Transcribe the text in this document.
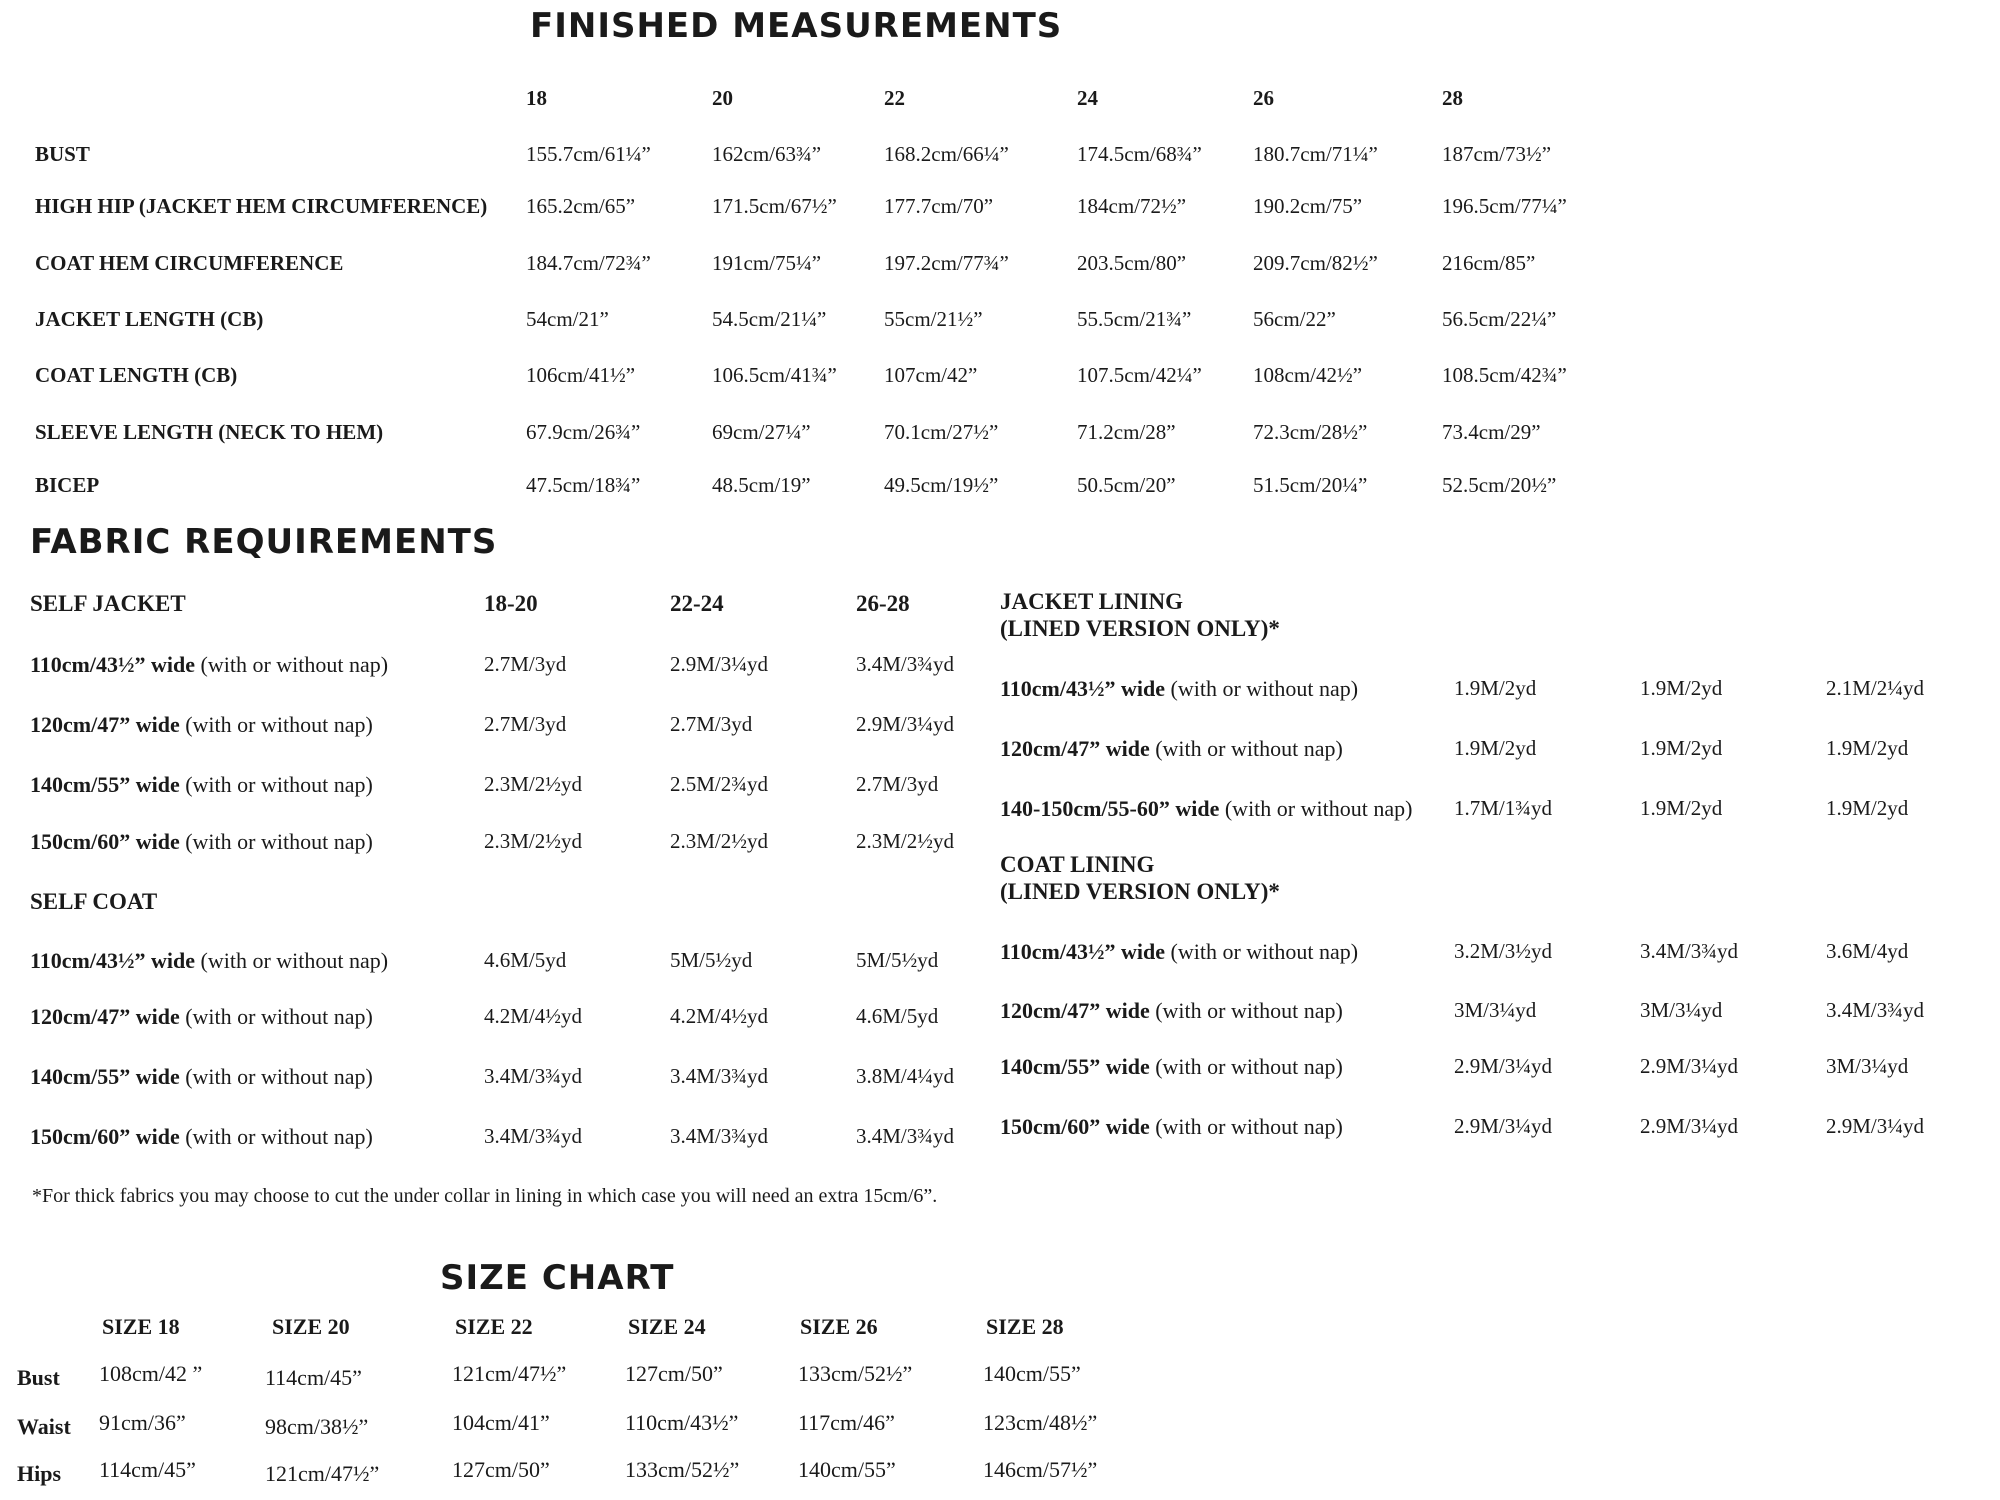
FINISHED MEASUREMENTS
18	20	22	24	26	28
BUST	155.7cm/61¼”	162cm/63¾”	168.2cm/66¼”	174.5cm/68¾” 180.7cm/71¼”	187cm/73½”
HIGH HIP (JACKET HEM CIRCUMFERENCE) 165.2cm/65”	171.5cm/67½” 177.7cm/70”	184cm/72½”	190.2cm/75”	196.5cm/77¼”
COAT HEM CIRCUMFERENCE	184.7cm/72¾”	191cm/75¼”	197.2cm/77¾”	203.5cm/80”	209.7cm/82½”	216cm/85”
JACKET LENGTH (CB)	54cm/21”	54.5cm/21¼”	55cm/21½”	55.5cm/21¾”	56cm/22”	56.5cm/22¼”
COAT LENGTH (CB)	106cm/41½”	106.5cm/41¾” 107cm/42”	107.5cm/42¼” 108cm/42½”	108.5cm/42¾”
SLEEVE LENGTH (NECK TO HEM)	67.9cm/26¾”	69cm/27¼”	70.1cm/27½”	71.2cm/28”	72.3cm/28½”	73.4cm/29”
BICEP	47.5cm/18¾”	48.5cm/19”	49.5cm/19½”	50.5cm/20”	51.5cm/20¼”	52.5cm/20½”
FABRIC REQUIREMENTS
SELF JACKET	18-20	22-24	26-28
110cm/43½” wide (with or without nap)	2.7M/3yd	2.9M/3¼yd	3.4M/3¾yd
120cm/47” wide (with or without nap)	2.7M/3yd	2.7M/3yd	2.9M/3¼yd
140cm/55” wide (with or without nap)	2.3M/2½yd	2.5M/2¾yd	2.7M/3yd
150cm/60” wide (with or without nap)	2.3M/2½yd	2.3M/2½yd	2.3M/2½yd
SELF COAT
110cm/43½” wide (with or without nap)	4.6M/5yd	5M/5½yd	5M/5½yd
120cm/47” wide (with or without nap)	4.2M/4½yd	4.2M/4½yd	4.6M/5yd
140cm/55” wide (with or without nap)	3.4M/3¾yd	3.4M/3¾yd	3.8M/4¼yd
150cm/60” wide (with or without nap)	3.4M/3¾yd	3.4M/3¾yd	3.4M/3¾yd
JACKET LINING
(LINED VERSION ONLY)*
110cm/43½” wide (with or without nap)	1.9M/2yd	1.9M/2yd	2.1M/2¼yd
120cm/47” wide (with or without nap)	1.9M/2yd	1.9M/2yd	1.9M/2yd
140-150cm/55-60” wide (with or without nap) 1.7M/1¾yd	1.9M/2yd	1.9M/2yd
COAT LINING
(LINED VERSION ONLY)*
110cm/43½” wide (with or without nap)	3.2M/3½yd	3.4M/3¾yd	3.6M/4yd
120cm/47” wide (with or without nap)	3M/3¼yd	3M/3¼yd	3.4M/3¾yd
140cm/55” wide (with or without nap)	2.9M/3¼yd	2.9M/3¼yd	3M/3¼yd
150cm/60” wide (with or without nap)	2.9M/3¼yd	2.9M/3¼yd	2.9M/3¼yd
*For thick fabrics you may choose to cut the under collar in lining in which case you will need an extra 15cm/6”.
SIZE CHART
SIZE 18	SIZE 20	SIZE 22	SIZE 24	SIZE 26	SIZE 28
Bust 108cm/42 ”	114cm/45”	121cm/47½”	127cm/50”	133cm/52½”	140cm/55”
Waist 91cm/36”	98cm/38½”	104cm/41”	110cm/43½”	117cm/46”	123cm/48½”
Hips 114cm/45”	121cm/47½”	127cm/50”	133cm/52½”	140cm/55”	146cm/57½”
